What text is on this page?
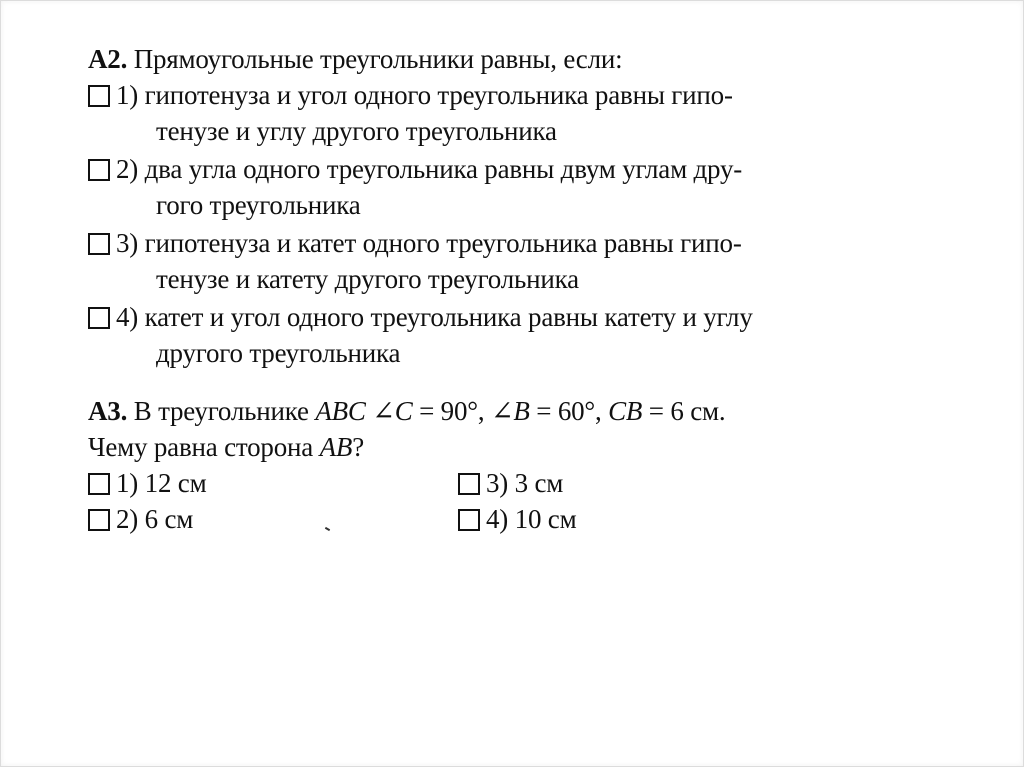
А2. Прямоугольные треугольники равны, если:
1) гипотенуза и угол одного треугольника равны гипо-
тенузе и углу другого треугольника
2) два угла одного треугольника равны двум углам дру-
гого треугольника
3) гипотенуза и катет одного треугольника равны гипо-
тенузе и катету другого треугольника
4) катет и угол одного треугольника равны катету и углу
другого треугольника
А3. В треугольнике ABC ∠C = 90°, ∠B = 60°, CB = 6 см.
Чему равна сторона AB?
1) 12 см	3) 3 см
2) 6 см	4) 10 см
